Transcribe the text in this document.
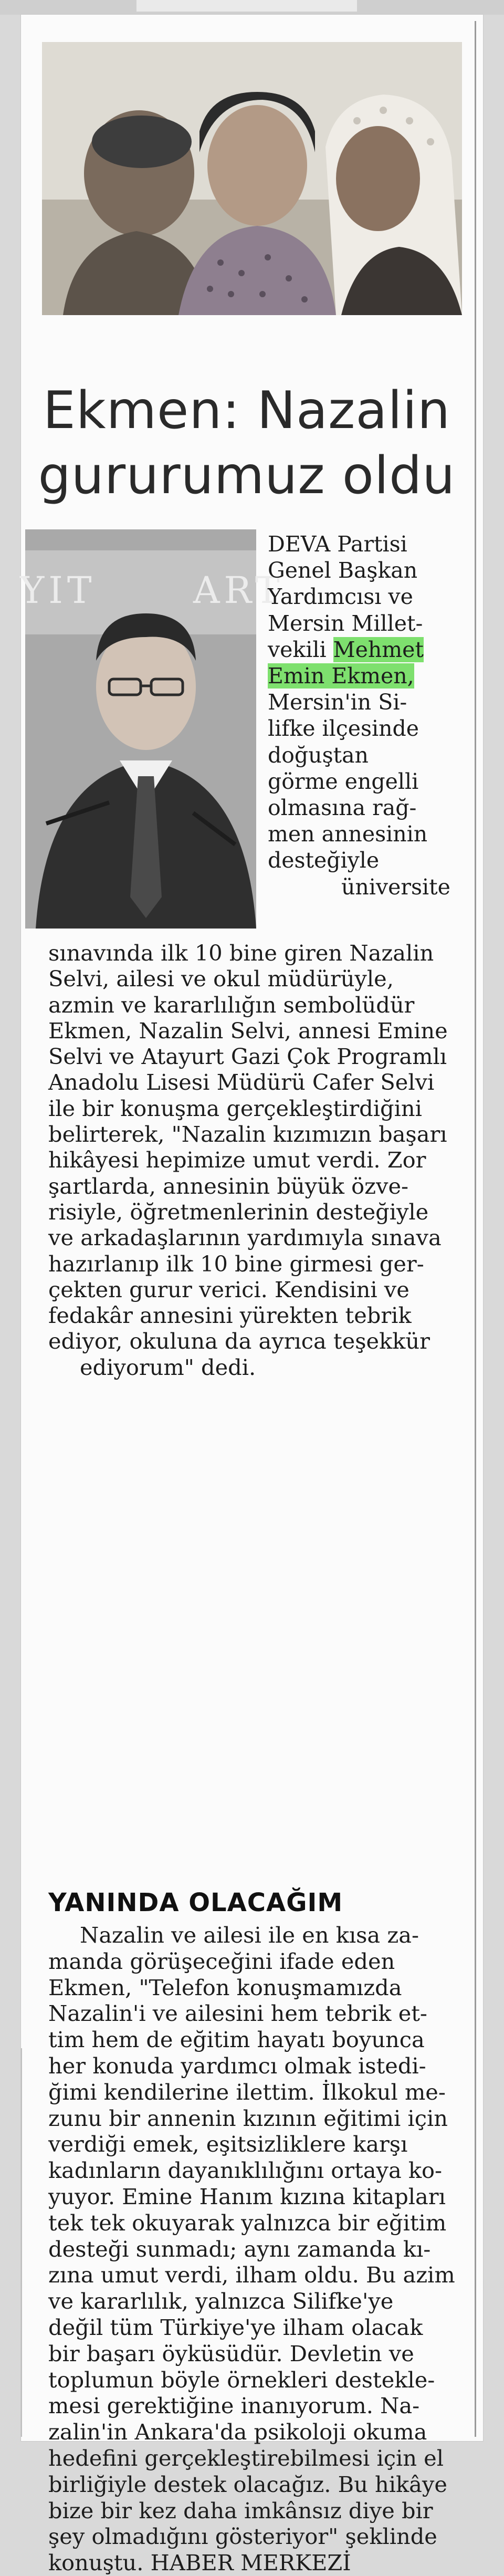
Ekmen: Nazalin
gururumuz oldu
YIT	ART
DEVA Partisi
Genel Başkan
Yardımcısı ve
Mersin Millet-
vekili Mehmet
Emin Ekmen,
Mersin'in Si-
lifke ilçesinde
doğuştan
görme engelli
olmasına rağ-
men annesinin
desteğiyle
üniversite
sınavında ilk 10 bine giren Nazalin
Selvi, ailesi ve okul müdürüyle,
azmin ve kararlılığın sembolüdür
Ekmen, Nazalin Selvi, annesi Emine
Selvi ve Atayurt Gazi Çok Programlı
Anadolu Lisesi Müdürü Cafer Selvi
ile bir konuşma gerçekleştirdiğini
belirterek, "Nazalin kızımızın başarı
hikâyesi hepimize umut verdi. Zor
şartlarda, annesinin büyük özve-
risiyle, öğretmenlerinin desteğiyle
ve arkadaşlarının yardımıyla sınava
hazırlanıp ilk 10 bine girmesi ger-
çekten gurur verici. Kendisini ve
fedakâr annesini yürekten tebrik
ediyor, okuluna da ayrıca teşekkür
ediyorum" dedi.
YANINDA OLACAĞIM
Nazalin ve ailesi ile en kısa za-
manda görüşeceğini ifade eden
Ekmen, "Telefon konuşmamızda
Nazalin'i ve ailesini hem tebrik et-
tim hem de eğitim hayatı boyunca
her konuda yardımcı olmak istedi-
ğimi kendilerine ilettim. İlkokul me-
zunu bir annenin kızının eğitimi için
verdiği emek, eşitsizliklere karşı
kadınların dayanıklılığını ortaya ko-
yuyor. Emine Hanım kızına kitapları
tek tek okuyarak yalnızca bir eğitim
desteği sunmadı; aynı zamanda kı-
zına umut verdi, ilham oldu. Bu azim
ve kararlılık, yalnızca Silifke'ye
değil tüm Türkiye'ye ilham olacak
bir başarı öyküsüdür. Devletin ve
toplumun böyle örnekleri destekle-
mesi gerektiğine inanıyorum. Na-
zalin'in Ankara'da psikoloji okuma
hedefini gerçekleştirebilmesi için el
birliğiyle destek olacağız. Bu hikâye
bize bir kez daha imkânsız diye bir
şey olmadığını gösteriyor" şeklinde
konuştu. HABER MERKEZİ
